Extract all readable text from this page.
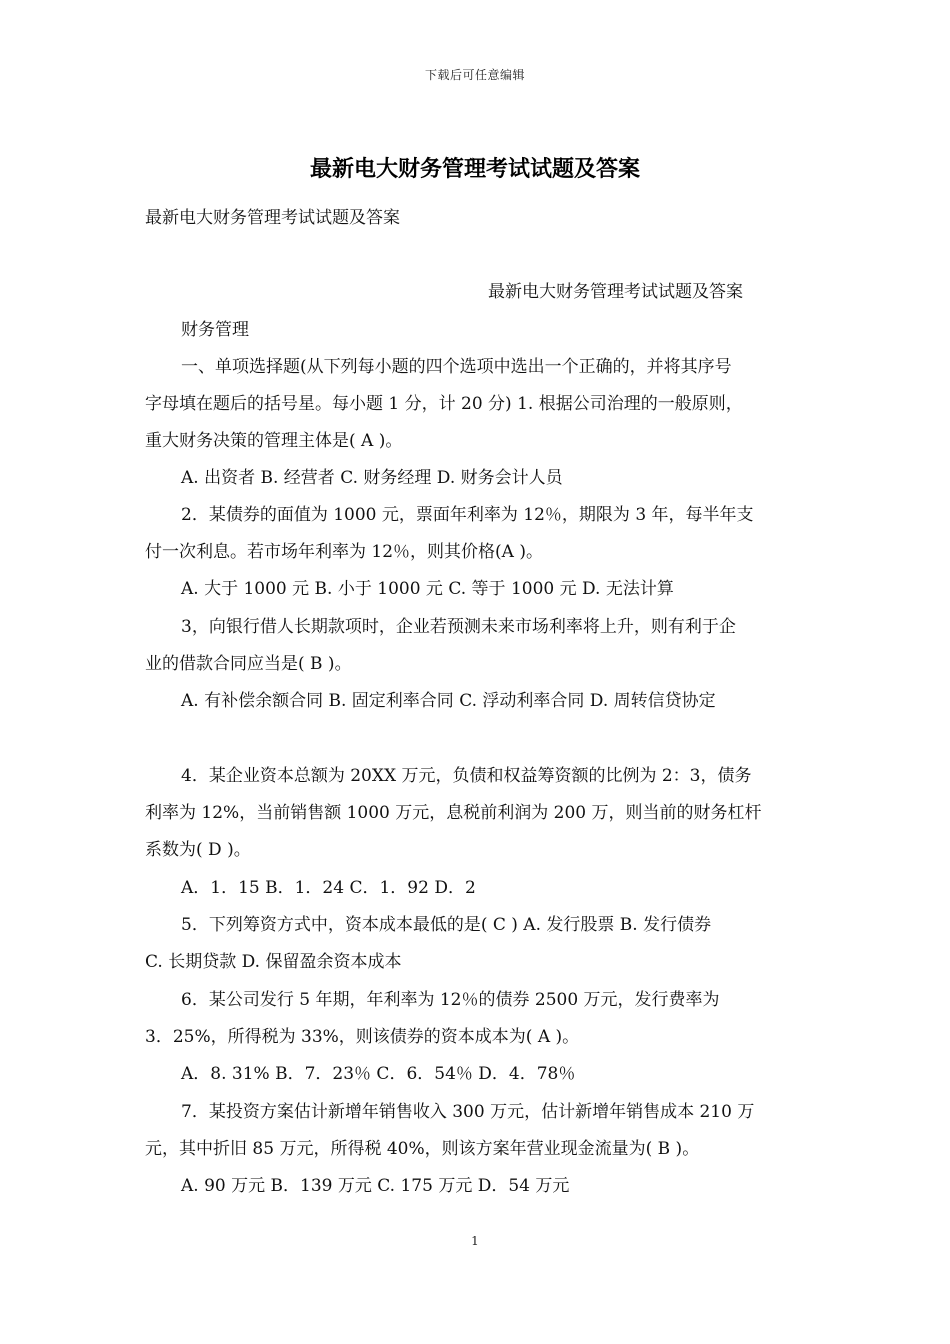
下载后可任意编辑
最新电大财务管理考试试题及答案
最新电大财务管理考试试题及答案
最新电大财务管理考试试题及答案
财务管理
一、单项选择题(从下列每小题的四个选项中选出一个正确的，并将其序号
字母填在题后的括号星。每小题 1 分，计 20 分) 1. 根据公司治理的一般原则，
重大财务决策的管理主体是( A )。
A. 出资者 B. 经营者 C. 财务经理 D. 财务会计人员
2．某债券的面值为 1000 元，票面年利率为 12％，期限为 3 年，每半年支
付一次利息。若市场年利率为 12％，则其价格(A )。
A. 大于 1000 元 B. 小于 1000 元 C. 等于 1000 元 D. 无法计算
3，向银行借人长期款项时，企业若预测未来市场利率将上升，则有利于企
业的借款合同应当是( B )。
A. 有补偿余额合同 B. 固定利率合同 C. 浮动利率合同 D. 周转信贷协定
4．某企业资本总额为 20XX 万元，负债和权益筹资额的比例为 2：3，债务
利率为 12%，当前销售额 1000 万元，息税前利润为 200 万，则当前的财务杠杆
系数为( D )。
A．1．15 B．1．24 C．1．92 D．2
5．下列筹资方式中，资本成本最低的是( C ) A. 发行股票 B. 发行债券
C. 长期贷款 D. 保留盈余资本成本
6．某公司发行 5 年期，年利率为 12％的债券 2500 万元，发行费率为
3．25%，所得税为 33%，则该债券的资本成本为( A )。
A．8. 31% B．7．23％ C．6．54％ D．4．78％
7．某投资方案估计新增年销售收入 300 万元，估计新增年销售成本 210 万
元，其中折旧 85 万元，所得税 40%，则该方案年营业现金流量为( B )。
A. 90 万元 B．139 万元 C. 175 万元 D．54 万元
1
